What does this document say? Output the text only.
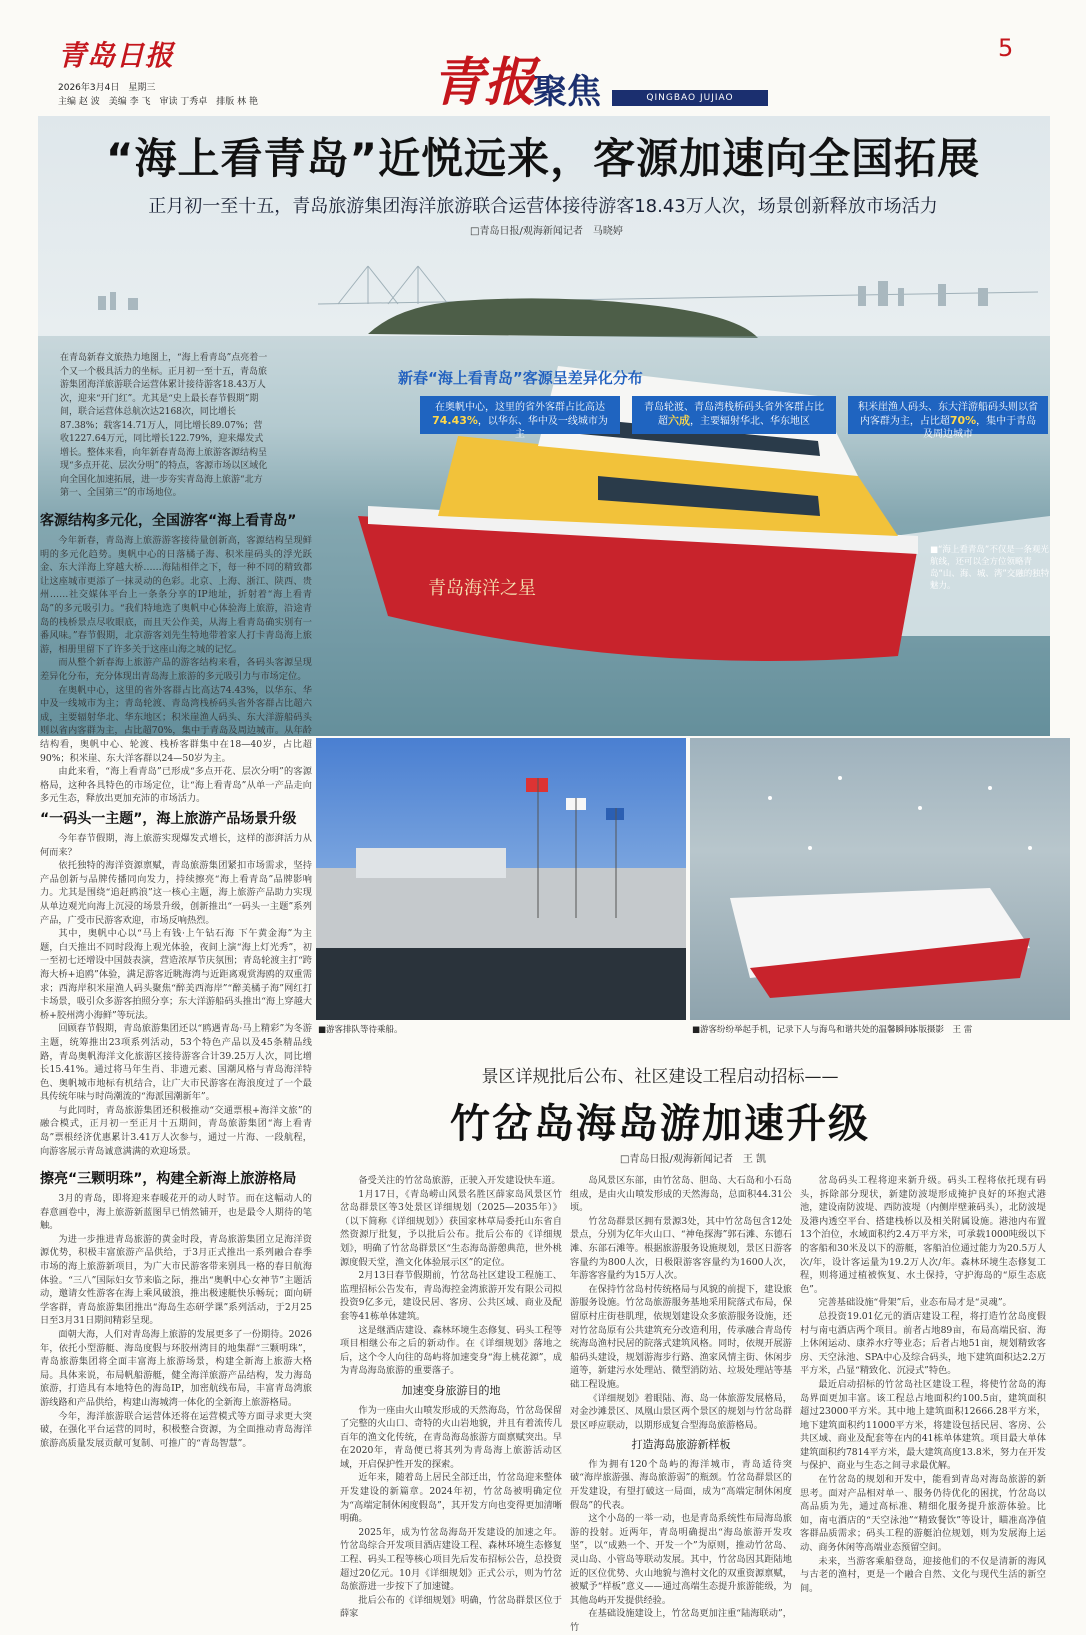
青岛日报
2026年3月4日　星期三
主编 赵 波　美编 李 飞　审读 丁秀卓　排版 林 艳	青报
聚焦	QINGBAO JUJIAO
5
青岛海洋之星
“海上看青岛”近悦远来，客源加速向全国拓展
正月初一至十五，青岛旅游集团海洋旅游联合运营体接待游客18.43万人次，场景创新释放市场活力
□青岛日报/观海新闻记者　马晓婷
在青岛新春文旅热力地图上，“海上看青岛”点亮着一个又一个极具活力的坐标。正月初一至十五，青岛旅游集团海洋旅游联合运营体累计接待游客18.43万人次，迎来“开门红”。尤其是“史上最长春节假期”期间，联合运营体总航次达2168次，同比增长87.38%；载客14.71万人，同比增长89.07%；营收1227.64万元，同比增长122.79%，迎来爆发式增长。整体来看，向年新春青岛海上旅游客源结构呈现“多点开花、层次分明”的特点，客源市场以区域化向全国化加速拓展，进一步夯实青岛海上旅游“北方第一、全国第三”的市场地位。
新春“海上看青岛”客源呈差异化分布
在奥帆中心，这里的省外客群占比高达74.43%，以华东、华中及一线城市为主
青岛轮渡、青岛湾栈桥码头省外客群占比超六成，主要辐射华北、华东地区
积米崖渔人码头、东大洋游船码头则以省内客群为主，占比超70%，集中于青岛及周边城市
■“海上看青岛”不仅是一条观光航线，还可以全方位领略青岛“山、海、城、湾”交融的独特魅力。
客源结构多元化，全国游客“海上看青岛”

今年新春，青岛海上旅游游客接待量创新高，客源结构呈现鲜明的多元化趋势。奥帆中心的日落橘子海、积米崖码头的浮光跃金、东大洋海上穿越大桥……海陆相伴之下，每一种不同的精致都让这座城市更添了一抹灵动的色彩。北京、上海、浙江、陕西、贵州……社交媒体平台上一条条分享的IP地址，折射着“海上看青岛”的多元吸引力。“我们特地选了奥帆中心体验海上旅游，沿途青岛的栈桥景点尽收眼底，而且天公作美，从海上看青岛确实别有一番风味。”春节假期，北京游客刘先生特地带着家人打卡青岛海上旅游，相册里留下了许多关于这座山海之城的记忆。

而从整个新春海上旅游产品的游客结构来看，各码头客源呈现差异化分布，充分体现出青岛海上旅游的多元吸引力与市场定位。

在奥帆中心，这里的省外客群占比高达74.43%，以华东、华中及一线城市为主；青岛轮渡、青岛湾栈桥码头省外客群占比超六成，主要辐射华北、华东地区；积米崖渔人码头、东大洋游船码头则以省内客群为主，占比超70%，集中于青岛及周边城市。从年龄结构看，奥帆中心、轮渡、栈桥客群集中在18—40岁，占比超90%；积米崖、东大洋客群以24—50岁为主。

由此来看，“海上看青岛”已形成“多点开花、层次分明”的客源格局，这种各具特色的市场定位，让“海上看青岛”从单一产品走向多元生态，释放出更加充沛的市场活力。

“一码头一主题”，海上旅游产品场景升级

今年春节假期，海上旅游实现爆发式增长，这样的澎湃活力从何而来？

依托独特的海洋资源禀赋，青岛旅游集团紧扣市场需求，坚持产品创新与品牌传播同向发力，持续擦亮“海上看青岛”品牌影响力。尤其是围绕“追赶鸥浪”这一核心主题，海上旅游产品助力实现从单边观光向海上沉浸的场景升级，创新推出“一码头一主题”系列产品，广受市民游客欢迎，市场反响热烈。

其中，奥帆中心以“马上有钱·上午钻石海 下午黄金海”为主题，白天推出不同时段海上观光体验，夜间上演“海上灯光秀”，初一至初七还增设中国鼓表演，营造浓厚节庆氛围；青岛轮渡主打“跨海大桥+追鸥”体验，满足游客近眺海湾与近距离观赏海鸥的双重需求；西海岸积米崖渔人码头聚焦“醉美西海岸”“醉美橘子海”网红打卡场景，吸引众多游客拍照分享；东大洋游船码头推出“海上穿越大桥+胶州湾小海鲜”等玩法。

回顾春节假期，青岛旅游集团还以“鸥遇青岛·马上精彩”为冬游主题，统筹推出23项系列活动，53个特色产品以及45条精品线路，青岛奥帆海洋文化旅游区接待游客合计39.25万人次，同比增长15.41%。通过将马年生肖、非遗元素、国潮风格与青岛海洋特色、奥帆城市地标有机结合，让广大市民游客在海浪度过了一个最具传统年味与时尚潮流的“海派国潮新年”。

与此同时，青岛旅游集团还积极推动“交通票根+海洋文旅”的融合模式，正月初一至正月十五期间，青岛旅游集团“海上看青岛”票根经济优惠累计3.41万人次参与，通过一片海、一段航程，向游客展示青岛诚意满满的欢迎场景。

擦亮“三颗明珠”，构建全新海上旅游格局

3月的青岛，即将迎来春暖花开的动人时节。而在这幅动人的春意画卷中，海上旅游新蓝图早已悄然铺开，也是最令人期待的笔触。

为进一步推进青岛旅游的黄金时段，青岛旅游集团立足海洋资源优势，积极丰富旅游产品供给，于3月正式推出一系列融合春季市场的海上旅游新项目，为广大市民游客带来别具一格的春日航海体验。“三八”国际妇女节来临之际，推出“奥帆中心女神节”主题活动，邀请女性游客在海上乘风破浪，推出极速艇快乐畅玩；面向研学客群，青岛旅游集团推出“海岛生态研学课”系列活动，于2月25日至3月31日期间精彩呈现。

面朝大海，人们对青岛海上旅游的发展更多了一份期待。2026年，依托小型游艇、海岛度假与环胶州湾目的地集群“三颗明珠”，青岛旅游集团将全面丰富海上旅游场景，构建全新海上旅游大格局。具体来说，布局帆船游艇，健全海洋旅游产品结构，发力海岛旅游，打造具有本地特色的海岛IP，加密航线布局，丰富青岛湾旅游线路和产品供给，构建山海城湾一体化的全新海上旅游格局。

今年，海洋旅游联合运营体还将在运营模式等方面寻求更大突破，在强化平台运营的同时，积极整合资源，为全面推动青岛海洋旅游高质量发展贡献可复制、可推广的“青岛智慧”。

■游客排队等待乘船。	■游客纷纷举起手机，记录下人与海鸟和谐共处的温馨瞬间。
本版摄影　王 雷
景区详规批后公布、社区建设工程启动招标——
竹岔岛海岛游加速升级
□青岛日报/观海新闻记者　王 凯

备受关注的竹岔岛旅游，正驶入开发建设快车道。

1月17日，《青岛崂山风景名胜区薛家岛风景区竹岔岛群景区等3处景区详细规划（2025—2035年）》（以下简称《详细规划》）获国家林草局委托山东省自然资源厅批复，予以批后公布。批后公布的《详细规划》，明确了竹岔岛群景区“生态海岛游憩典范，世外桃源度假天堂，渔文化体验展示区”的定位。

2月13日春节假期前，竹岔岛社区建设工程施工、监理招标公告发布，青岛海控金湾旅游开发有限公司拟投资9亿多元，建设民居、客房、公共区域、商业及配套等41栋单体建筑。

这是继酒店建设、森林环境生态修复、码头工程等项目相继公布之后的新动作。在《详细规划》落地之后，这个令人向往的岛屿将加速变身“海上桃花源”，成为青岛海岛旅游的重要落子。

加速变身旅游目的地

作为一座由火山喷发形成的天然海岛，竹岔岛保留了完整的火山口、奇特的火山岩地貌，并且有着流传几百年的渔文化传统，在青岛海岛旅游方面禀赋突出。早在2020年，青岛便已将其列为青岛海上旅游活动区域，开启保护性开发的探索。

近年来，随着岛上居民全部迁出，竹岔岛迎来整体开发建设的新篇章。2024年初，竹岔岛被明确定位为“高端定制休闲度假岛”，其开发方向也变得更加清晰明确。

2025年，成为竹岔岛海岛开发建设的加速之年。竹岔岛综合开发项目酒店建设工程、森林环境生态修复工程、码头工程等核心项目先后发布招标公告，总投资超过20亿元。10月《详细规划》正式公示，则为竹岔岛旅游进一步按下了加速键。

批后公布的《详细规划》明确，竹岔岛群景区位于薛家

岛风景区东部，由竹岔岛、胆岛、大石岛和小石岛组成，是由火山喷发形成的天然海岛，总面积44.31公顷。

竹岔岛群景区拥有景源3处，其中竹岔岛包含12处景点，分别为亿年火山口、“神龟探海”郭石滩、东德石滩、东部石滩等。根据旅游服务设施规划，景区日游客容量约为800人次，日极限游客容量约为1600人次，年游客容量约为15万人次。

在保持竹岔岛村传统格局与风貌的前提下，建设旅游服务设施。竹岔岛旅游服务基地采用院落式布局，保留原村庄街巷肌理，依规划建设众多旅游服务设施，还对竹岔岛原有公共建筑充分改造利用，传承融合青岛传统海岛渔村民居的院落式建筑风格。同时，依规开展游船码头建设，规划游海步行路、渔家风情主街、休闲步道等，新建污水处理站、微型消防站、垃圾处理站等基础工程设施。

《详细规划》着眼陆、海、岛一体旅游发展格局，对金沙滩景区、凤凰山景区两个景区的规划与竹岔岛群景区呼应联动，以期形成复合型海岛旅游格局。

打造海岛旅游新样板

作为拥有120个岛屿的海洋城市，青岛适待突破“海岸旅游强、海岛旅游弱”的瓶颈。竹岔岛群景区的开发建设，有望打破这一局面，成为“高端定制休闲度假岛”的代表。

这个小岛的一举一动，也是青岛系统性布局海岛旅游的投射。近两年，青岛明确提出“海岛旅游开发攻坚”，以“成熟一个、开发一个”为原则，推动竹岔岛、灵山岛、小管岛等联动发展。其中，竹岔岛因其距陆地近的区位优势、火山地貌与渔村文化的双重资源禀赋，被赋予“样板”意义——通过高端生态提升旅游能级，为其他岛屿开发提供经验。

在基础设施建设上，竹岔岛更加注重“陆海联动”，竹

岔岛码头工程将迎来新升级。码头工程将依托现有码头，拆除部分现状，新建防波堤形成掩护良好的环抱式港池，建设南防波堤、西防波堤（内侧岸壁兼码头），北防波堤及港内透空平台、搭建栈桥以及相关附属设施。港池内布置13个泊位，水域面积约2.4万平方米，可承载1000吨级以下的客船和30米及以下的游艇，客船泊位通过能力为20.5万人次/年，设计客运量为19.2万人次/年。森林环境生态修复工程，则将通过植被恢复、水土保持，守护海岛的“原生态底色”。

完善基础设施“骨架”后，业态布局才是“灵魂”。

总投资19.01亿元的酒店建设工程，将打造竹岔岛度假村与南屯酒店两个项目。前者占地89亩，布局高端民宿、海上休闲运动、康养水疗等业态；后者占地51亩，规划精致客房、天空泳池、SPA中心及综合码头，地下建筑面积达2.2万平方米，凸显“精致化、沉浸式”特色。

最近启动招标的竹岔岛社区建设工程，将使竹岔岛的海岛界面更加丰富。该工程总占地面积约100.5亩，建筑面积超过23000平方米。其中地上建筑面积12666.28平方米，地下建筑面积约11000平方米，将建设包括民居、客房、公共区域、商业及配套等在内的41栋单体建筑。项目最大单体建筑面积约7814平方米，最大建筑高度13.8米，努力在开发与保护、商业与生态之间寻求最优解。

在竹岔岛的规划和开发中，能看到青岛对海岛旅游的新思考。面对产品相对单一、服务仍待优化的困扰，竹岔岛以高品质为先，通过高标准、精细化服务提升旅游体验。比如，南屯酒店的“天空泳池”“精致餐饮”等设计，瞄准高净值客群品质需求；码头工程的游艇泊位规划，则为发展海上运动、商务休闲等高端业态预留空间。

未来，当游客乘船登岛，迎接他们的不仅是清新的海风与古老的渔村，更是一个融合自然、文化与现代生活的新空间。
